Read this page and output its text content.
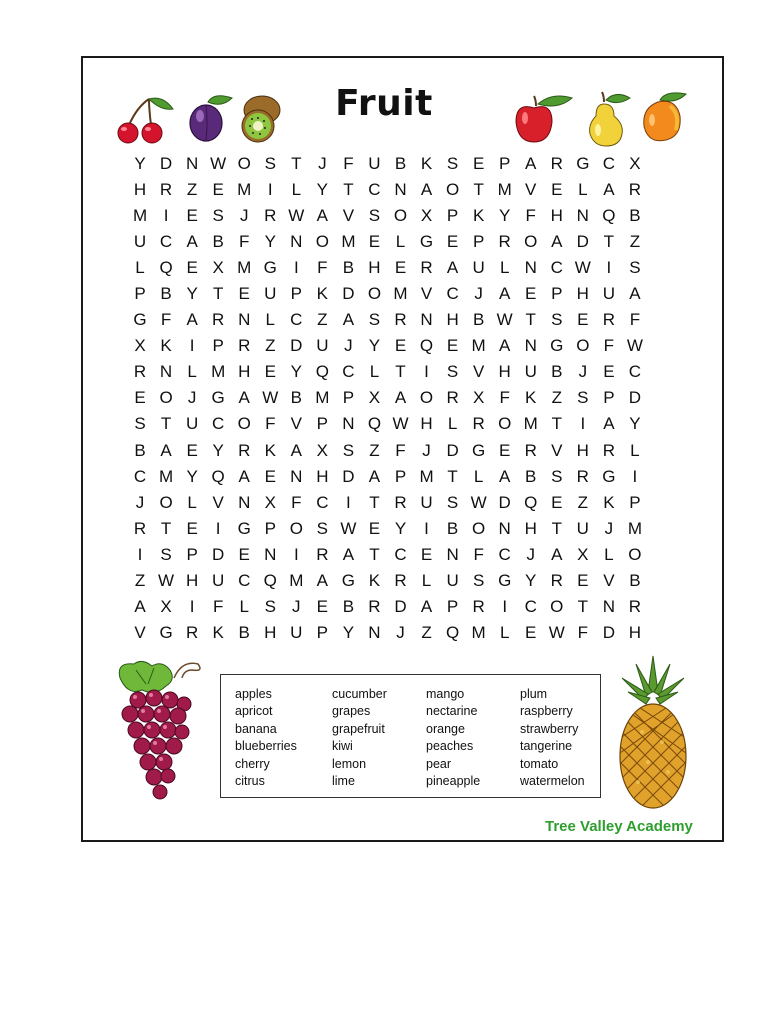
Fruit
Y D N W O S T J F U B K S E P A R G C X
H R Z E M I	L Y T C N A O T M V E L A R
M I	E S J R W A V S O X P K Y F H N Q B
U C A B F Y N O M E L G E P R O A D T Z
L Q E X M G	I	F B H E R A U L N C W I	S
P B Y T E U P K D O M V C J A E P H U A
G F A R N L C Z A S R N H B W T S E R F
X K	I	P R Z D U J Y E Q E M A N G O F W
R N L M H E Y Q C L T	I	S V H U B J E C
E O J G A W B M P X A O R X F K Z S P D
S T U C O F V P N Q W H L R O M T	I	A Y
B A E Y R K A X S Z F J D G E R V H R L
C M Y Q A E N H D A P M T L A B S R G	I
J O L V N X F C	I	T R U S W D Q E Z K P
R T E	I	G P O S W E Y	I	B O N H T U J M
I	S P D E N	I	R A T C E N F C J A X L O
Z W H U C Q M A G K R L U S G Y R E V B
A X	I	F L S J E B R D A P R	I	C O T N R
V G R K B H U P Y N J Z Q M L E W F D H
apples
apricot
banana
blueberries
cherry
citrus
cucumber
grapes
grapefruit
kiwi
lemon
lime
mango
nectarine
orange
peaches
pear
pineapple
plum
raspberry
strawberry
tangerine
tomato
watermelon
Tree Valley Academy
